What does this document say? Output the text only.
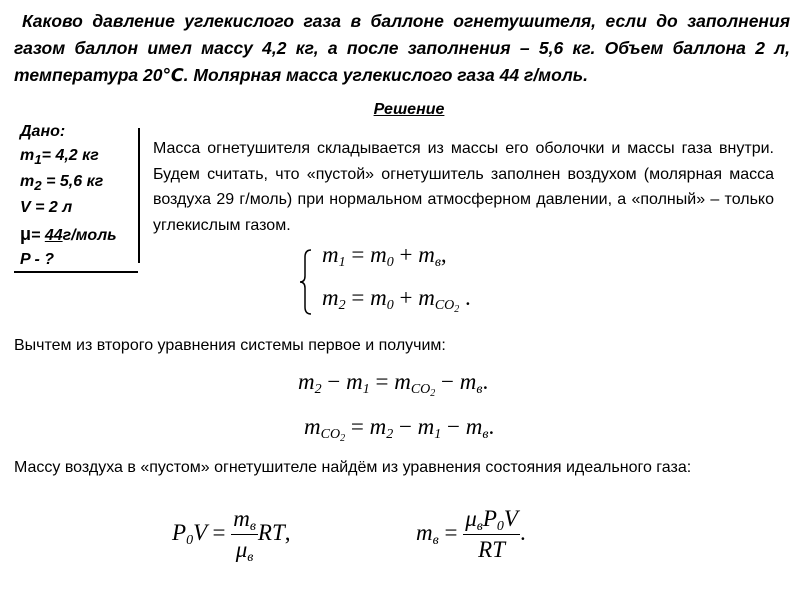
Каково давление углекислого газа в баллоне огнетушителя, если до заполнения газом баллон имел массу 4,2 кг, а после заполнения – 5,6 кг. Объем баллона 2 л, температура 20℃. Молярная масса углекислого газа 44 г/моль.
Решение
Дано:
$m_1= 4,2$ кг
$m_2 = 5,6$ кг
V = 2 л
μ= 44г/моль
P - ?
Масса огнетушителя складывается из массы его оболочки и массы газа внутри. Будем считать, что «пустой» огнетушитель заполнен воздухом (молярная масса воздуха 29 г/моль) при нормальном атмосферном давлении, а «полный» – только углекислым газом.
$m_1 = m_0 + m_в$,
$m_2 = m_0 + m_{CO_2}$ .
Вычтем из второго уравнения системы первое и получим:
$m_2 - m_1 = m_{CO_2} - m_в$.
$m_{CO_2} = m_2 - m_1 - m_в$.
Массу воздуха в «пустом» огнетушителе найдём из уравнения состояния идеального газа:
$P_0V = \frac{m_в}{\mu_в}$ RT,	$m_в = \frac{\mu_вP_0V}{RT}$ .
